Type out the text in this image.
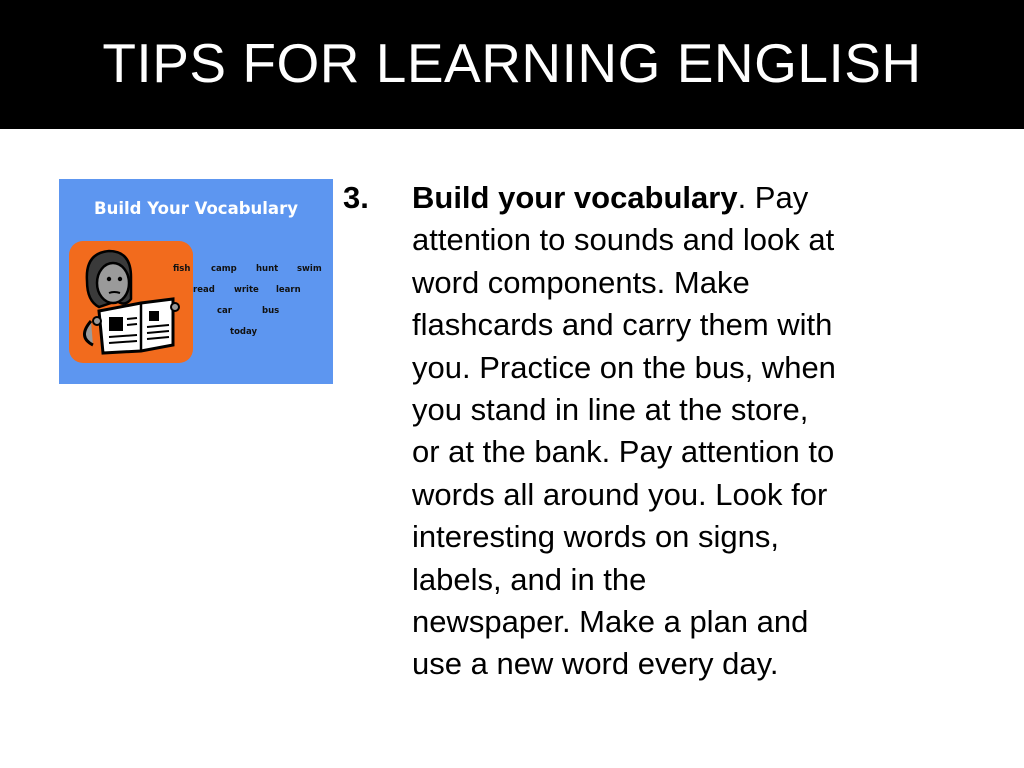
TIPS FOR LEARNING ENGLISH
Build Your Vocabulary
fish camp hunt swim
read write learn
car	bus
today
3. Build your vocabulary. Pay
attention to sounds and look at
word components. Make
flashcards and carry them with
you. Practice on the bus, when
you stand in line at the store,
or at the bank. Pay attention to
words all around you. Look for
interesting words on signs,
labels, and in the
newspaper. Make a plan and
use a new word every day.
